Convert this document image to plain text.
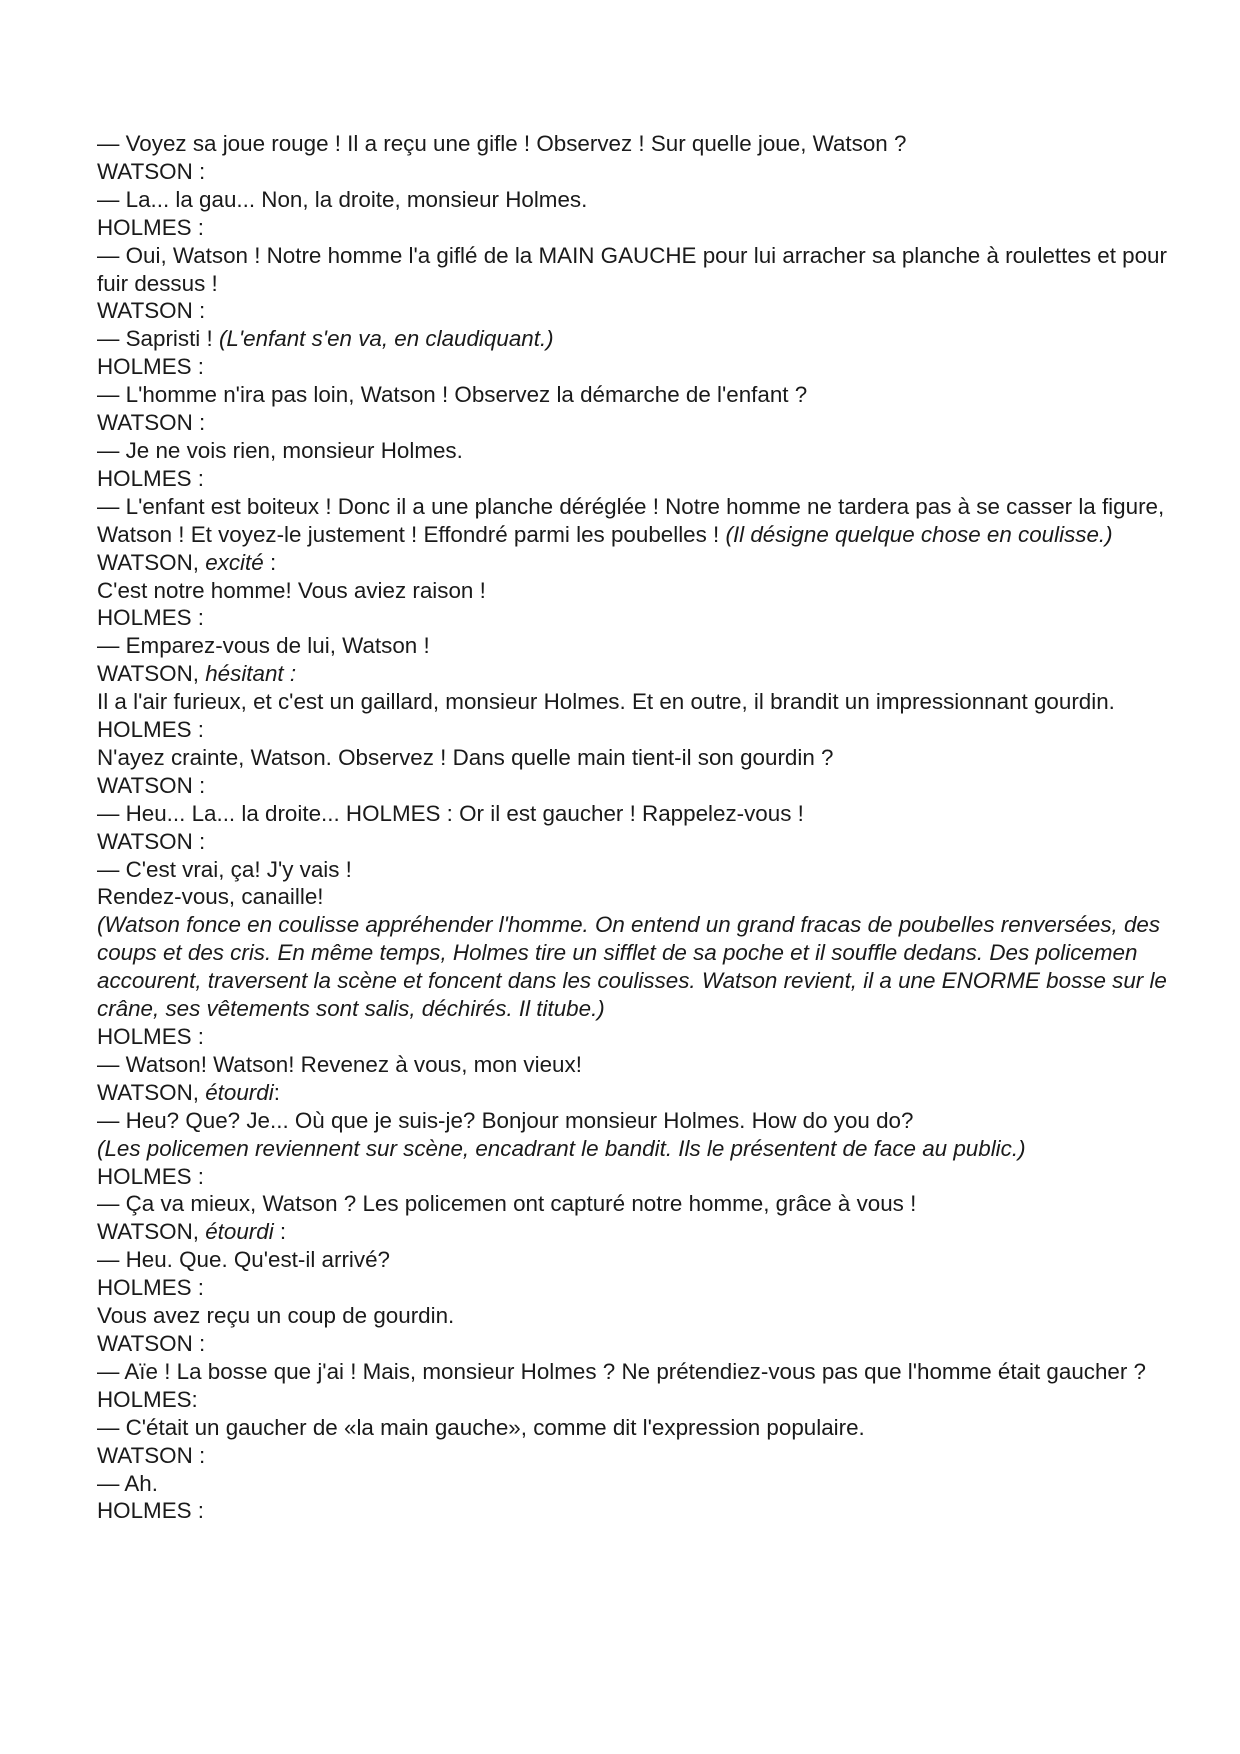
— Voyez sa joue rouge ! Il a reçu une gifle ! Observez ! Sur quelle joue, Watson ?

WATSON :

— La... la gau... Non, la droite, monsieur Holmes.

HOLMES :

— Oui, Watson ! Notre homme l'a giflé de la MAIN GAUCHE pour lui arracher sa planche à roulettes et pour fuir dessus !

WATSON :

— Sapristi ! (L'enfant s'en va, en claudiquant.)

HOLMES :

— L'homme n'ira pas loin, Watson ! Observez la démarche de l'enfant ?

WATSON :

— Je ne vois rien, monsieur Holmes.

HOLMES :

— L'enfant est boiteux ! Donc il a une planche déréglée ! Notre homme ne tardera pas à se casser la figure, Watson ! Et voyez-le justement ! Effondré parmi les poubelles ! (Il désigne quelque chose en coulisse.)

WATSON, excité :

C'est notre homme! Vous aviez raison !

HOLMES :

— Emparez-vous de lui, Watson !

WATSON, hésitant :

Il a l'air furieux, et c'est un gaillard, monsieur Holmes. Et en outre, il brandit un impressionnant gourdin.

HOLMES :

N'ayez crainte, Watson. Observez ! Dans quelle main tient-il son gourdin ?

WATSON :

— Heu... La... la droite... HOLMES : Or il est gaucher ! Rappelez-vous !

WATSON :

— C'est vrai, ça! J'y vais !

Rendez-vous, canaille!

(Watson fonce en coulisse appréhender l'homme. On entend un grand fracas de poubelles renversées, des coups et des cris. En même temps, Holmes tire un sifflet de sa poche et il souffle dedans. Des policemen accourent, traversent la scène et foncent dans les coulisses. Watson revient, il a une ENORME bosse sur le crâne, ses vêtements sont salis, déchirés. Il titube.)

HOLMES :

— Watson! Watson! Revenez à vous, mon vieux!

WATSON, étourdi:

— Heu? Que? Je... Où que je suis-je? Bonjour monsieur Holmes. How do you do?

(Les policemen reviennent sur scène, encadrant le bandit. Ils le présentent de face au public.)

HOLMES :

— Ça va mieux, Watson ? Les policemen ont capturé notre homme, grâce à vous !

WATSON, étourdi :

— Heu. Que. Qu'est-il arrivé?

HOLMES :

Vous avez reçu un coup de gourdin.

WATSON :

— Aïe ! La bosse que j'ai ! Mais, monsieur Holmes ? Ne prétendiez-vous pas que l'homme était gaucher ?

HOLMES:

— C'était un gaucher de «la main gauche», comme dit l'expression populaire.

WATSON :

— Ah.

HOLMES :
